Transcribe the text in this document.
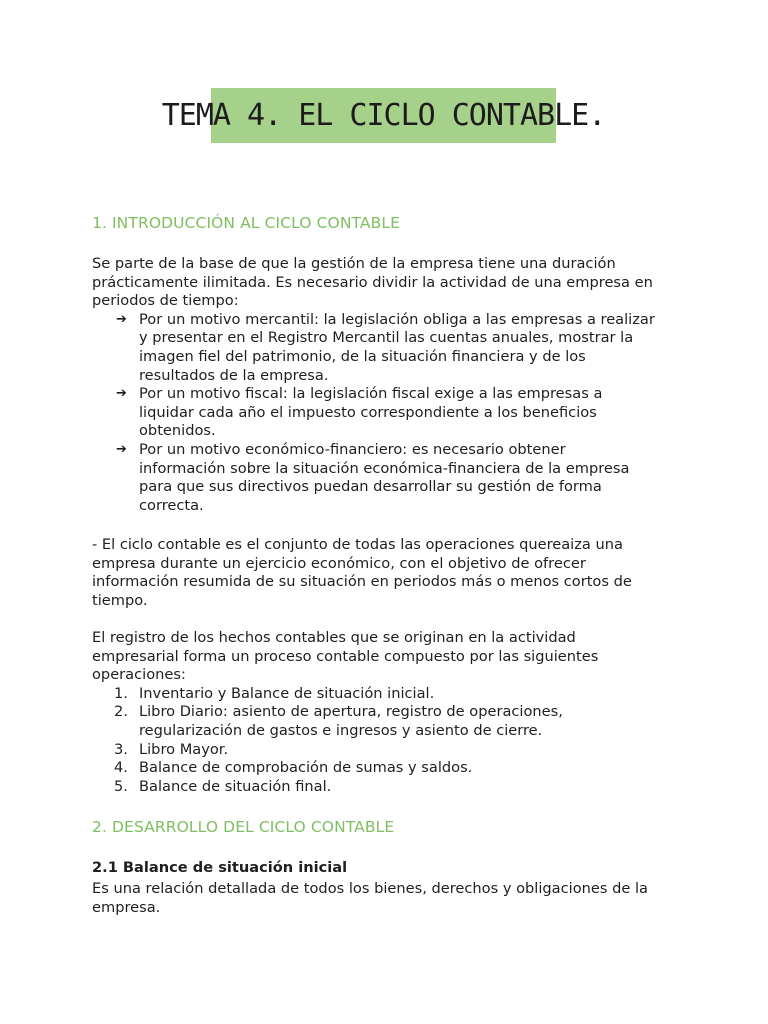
TEMA 4. EL CICLO CONTABLE.
1. INTRODUCCIÓN AL CICLO CONTABLE
Se parte de la base de que la gestión de la empresa tiene una duración
prácticamente ilimitada. Es necesario dividir la actividad de una empresa en
periodos de tiempo:
➔ Por un motivo mercantil: la legislación obliga a las empresas a realizar
y presentar en el Registro Mercantil las cuentas anuales, mostrar la
imagen fiel del patrimonio, de la situación financiera y de los
resultados de la empresa.
➔ Por un motivo fiscal: la legislación fiscal exige a las empresas a
liquidar cada año el impuesto correspondiente a los beneficios
obtenidos.
➔ Por un motivo económico-financiero: es necesario obtener
información sobre la situación económica-financiera de la empresa
para que sus directivos puedan desarrollar su gestión de forma
correcta.
- El ciclo contable es el conjunto de todas las operaciones quereaiza una
empresa durante un ejercicio económico, con el objetivo de ofrecer
información resumida de su situación en periodos más o menos cortos de
tiempo.
El registro de los hechos contables que se originan en la actividad
empresarial forma un proceso contable compuesto por las siguientes
operaciones:
1. Inventario y Balance de situación inicial.
2. Libro Diario: asiento de apertura, registro de operaciones,
regularización de gastos e ingresos y asiento de cierre.
3. Libro Mayor.
4. Balance de comprobación de sumas y saldos.
5. Balance de situación final.
2. DESARROLLO DEL CICLO CONTABLE
2.1 Balance de situación inicial
Es una relación detallada de todos los bienes, derechos y obligaciones de la
empresa.
